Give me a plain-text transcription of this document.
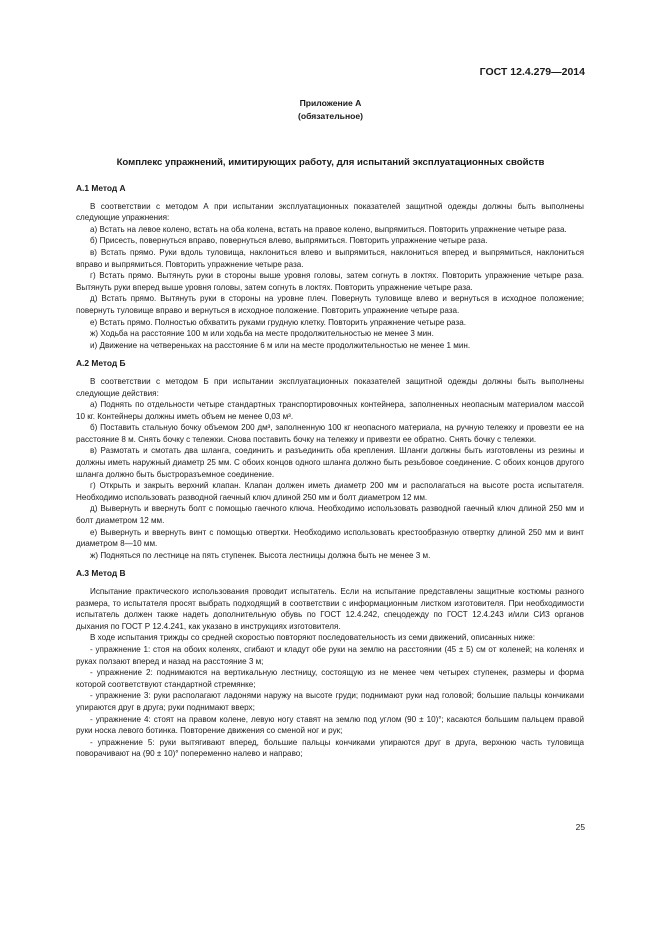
ГОСТ 12.4.279—2014
Приложение А
(обязательное)
Комплекс упражнений, имитирующих работу, для испытаний эксплуатационных свойств
А.1 Метод А

В соответствии с методом А при испытании эксплуатационных показателей защитной одежды должны быть выполнены следующие упражнения:

а) Встать на левое колено, встать на оба колена, встать на правое колено, выпрямиться. Повторить упражнение четыре раза.

б) Присесть, повернуться вправо, повернуться влево, выпрямиться. Повторить упражнение четыре раза.

в) Встать прямо. Руки вдоль туловища, наклониться влево и выпрямиться, наклониться вперед и выпрямиться, наклониться вправо и выпрямиться. Повторить упражнение четыре раза.

г) Встать прямо. Вытянуть руки в стороны выше уровня головы, затем согнуть в локтях. Повторить упражнение четыре раза. Вытянуть руки вперед выше уровня головы, затем согнуть в локтях. Повторить упражнение четыре раза.

д) Встать прямо. Вытянуть руки в стороны на уровне плеч. Повернуть туловище влево и вернуться в исходное положение; повернуть туловище вправо и вернуться в исходное положение. Повторить упражнение четыре раза.

е) Встать прямо. Полностью обхватить руками грудную клетку. Повторить упражнение четыре раза.

ж) Ходьба на расстояние 100 м или ходьба на месте продолжительностью не менее 3 мин.

и) Движение на четвереньках на расстояние 6 м или на месте продолжительностью не менее 1 мин.

А.2 Метод Б

В соответствии с методом Б при испытании эксплуатационных показателей защитной одежды должны быть выполнены следующие действия:

а) Поднять по отдельности четыре стандартных транспортировочных контейнера, заполненных неопасным материалом массой 10 кг. Контейнеры должны иметь объем не менее 0,03 м³.

б) Поставить стальную бочку объемом 200 дм³, заполненную 100 кг неопасного материала, на ручную тележку и провезти ее на расстояние 8 м. Снять бочку с тележки. Снова поставить бочку на тележку и привезти ее обратно. Снять бочку с тележки.

в) Размотать и смотать два шланга, соединить и разъединить оба крепления. Шланги должны быть изготовлены из резины и должны иметь наружный диаметр 25 мм. С обоих концов одного шланга должно быть резьбовое соединение. С обоих концов другого шланга должно быть быстроразъемное соединение.

г) Открыть и закрыть верхний клапан. Клапан должен иметь диаметр 200 мм и располагаться на высоте роста испытателя. Необходимо использовать разводной гаечный ключ длиной 250 мм и болт диаметром 12 мм.

д) Вывернуть и ввернуть болт с помощью гаечного ключа. Необходимо использовать разводной гаечный ключ длиной 250 мм и болт диаметром 12 мм.

е) Вывернуть и ввернуть винт с помощью отвертки. Необходимо использовать крестообразную отвертку длиной 250 мм и винт диаметром 8—10 мм.

ж) Подняться по лестнице на пять ступенек. Высота лестницы должна быть не менее 3 м.

А.3 Метод В

Испытание практического использования проводит испытатель. Если на испытание представлены защитные костюмы разного размера, то испытателя просят выбрать подходящий в соответствии с информационным листком изготовителя. При необходимости испытатель должен также надеть дополнительную обувь по ГОСТ 12.4.242, спецодежду по ГОСТ 12.4.243 и/или СИЗ органов дыхания по ГОСТ Р 12.4.241, как указано в инструкциях изготовителя.

В ходе испытания трижды со средней скоростью повторяют последовательность из семи движений, описанных ниже:

- упражнение 1: стоя на обоих коленях, сгибают и кладут обе руки на землю на расстоянии (45 ± 5) см от коленей; на коленях и руках ползают вперед и назад на расстояние 3 м;

- упражнение 2: поднимаются на вертикальную лестницу, состоящую из не менее чем четырех ступенек, размеры и форма которой соответствуют стандартной стремянке;

- упражнение 3: руки располагают ладонями наружу на высоте груди; поднимают руки над головой; большие пальцы кончиками упираются друг в друга; руки поднимают вверх;

- упражнение 4: стоят на правом колене, левую ногу ставят на землю под углом (90 ± 10)°; касаются большим пальцем правой руки носка левого ботинка. Повторение движения со сменой ног и рук;

- упражнение 5: руки вытягивают вперед, большие пальцы кончиками упираются друг в друга, верхнюю часть туловища поворачивают на (90 ± 10)° попеременно налево и направо;

25
